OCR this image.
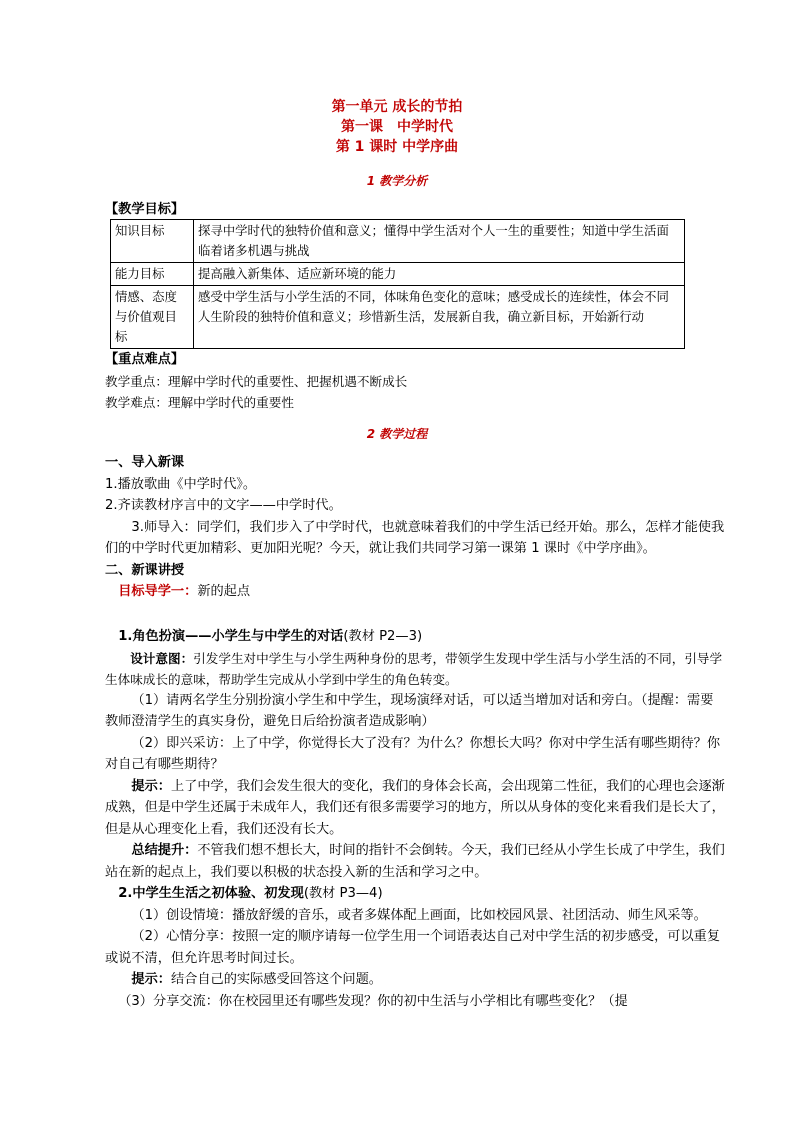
第一单元 成长的节拍

第一课　中学时代

第 1 课时 中学序曲

1 教学分析
【教学目标】
知识目标	探寻中学时代的独特价值和意义；懂得中学生活对个人一生的重要性；知道中学生活面临着诸多机遇与挑战
能力目标	提高融入新集体、适应新环境的能力
情感、态度与价值观目标	感受中学生活与小学生活的不同，体味角色变化的意味；感受成长的连续性，体会不同人生阶段的独特价值和意义；珍惜新生活，发展新自我，确立新目标，开始新行动

【重点难点】

教学重点：理解中学时代的重要性、把握机遇不断成长

教学难点：理解中学时代的重要性

2 教学过程

一、导入新课

1.播放歌曲《中学时代》。

2.齐读教材序言中的文字——中学时代。

3.师导入：同学们，我们步入了中学时代，也就意味着我们的中学生活已经开始。那么，怎样才能使我们的中学时代更加精彩、更加阳光呢？今天，就让我们共同学习第一课第 1 课时《中学序曲》。

二、新课讲授

目标导学一：新的起点

1.角色扮演——小学生与中学生的对话(教材 P2—3)

设计意图：引发学生对中学生与小学生两种身份的思考，带领学生发现中学生活与小学生活的不同，引导学生体味成长的意味，帮助学生完成从小学到中学生的角色转变。

（1）请两名学生分别扮演小学生和中学生，现场演绎对话，可以适当增加对话和旁白。（提醒：需要教师澄清学生的真实身份，避免日后给扮演者造成影响）

（2）即兴采访：上了中学，你觉得长大了没有？为什么？你想长大吗？你对中学生活有哪些期待？你对自己有哪些期待？

提示：上了中学，我们会发生很大的变化，我们的身体会长高，会出现第二性征，我们的心理也会逐渐成熟，但是中学生还属于未成年人，我们还有很多需要学习的地方，所以从身体的变化来看我们是长大了，但是从心理变化上看，我们还没有长大。

总结提升：不管我们想不想长大，时间的指针不会倒转。今天，我们已经从小学生长成了中学生，我们站在新的起点上，我们要以积极的状态投入新的生活和学习之中。

2.中学生生活之初体验、初发现(教材 P3—4)

（1）创设情境：播放舒缓的音乐，或者多媒体配上画面，比如校园风景、社团活动、师生风采等。

（2）心情分享：按照一定的顺序请每一位学生用一个词语表达自己对中学生活的初步感受，可以重复或说不清，但允许思考时间过长。

提示：结合自己的实际感受回答这个问题。

（3）分享交流：你在校园里还有哪些发现？你的初中生活与小学相比有哪些变化？（提
